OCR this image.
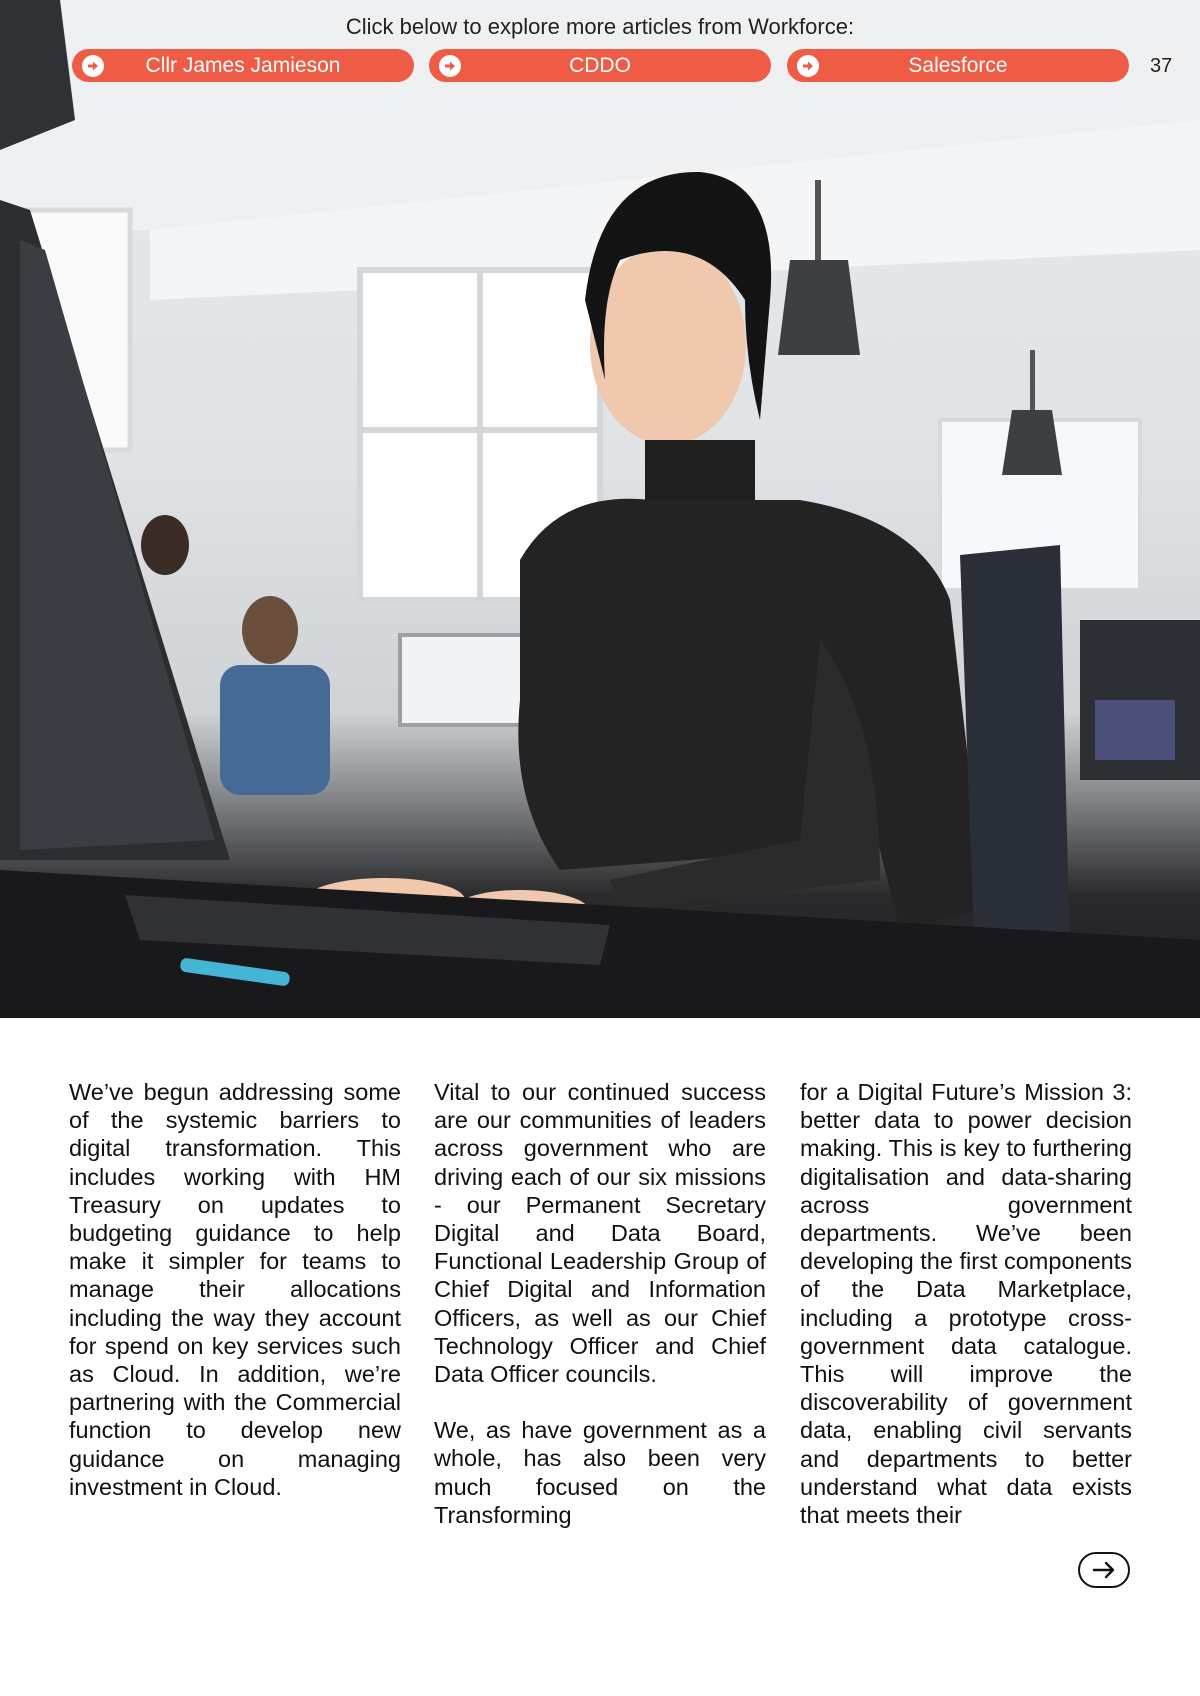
Click below to explore more articles from Workforce:
Cllr James Jamieson	CDDO	Salesforce	37

We’ve begun addressing some of the systemic barriers to digital transformation. This includes working with HM Treasury on updates to budgeting guidance to help make it simpler for teams to manage their allocations including the way they account for spend on key services such as Cloud. In addition, we’re partnering with the Commercial function to develop new guidance on managing investment in Cloud.

Vital to our continued success are our communities of leaders across government who are driving each of our six missions - our Permanent Secretary Digital and Data Board, Functional Leadership Group of Chief Digital and Information Officers, as well as our Chief Technology Officer and Chief Data Officer councils.

We, as have government as a whole, has also been very much focused on the Transforming

for a Digital Future’s Mission 3: better data to power decision making. This is key to furthering digitalisation and data-sharing across government departments. We’ve been developing the first components of the Data Marketplace, including a prototype cross-government data catalogue. This will improve the discoverability of government data, enabling civil servants and departments to better understand what data exists that meets their
